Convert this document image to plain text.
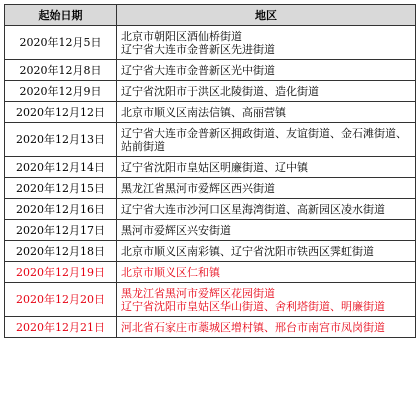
起始日期	地区
2020年12月5日	北京市朝阳区酒仙桥街道
辽宁省大连市金普新区先进街道

2020年12月8日	辽宁省大连市金普新区光中街道

2020年12月9日	辽宁省沈阳市于洪区北陵街道、造化街道

2020年12月12日	北京市顺义区南法信镇、高丽营镇

2020年12月13日	辽宁省大连市金普新区拥政街道、友谊街道、金石滩街道、站前街道

2020年12月14日	辽宁省沈阳市皇姑区明廉街道、辽中镇

2020年12月15日	黑龙江省黑河市爱辉区西兴街道

2020年12月16日	辽宁省大连市沙河口区星海湾街道、高新园区凌水街道

2020年12月17日	黑河市爱辉区兴安街道

2020年12月18日	北京市顺义区南彩镇、辽宁省沈阳市铁西区霁虹街道

2020年12月19日	北京市顺义区仁和镇

2020年12月20日	黑龙江省黑河市爱辉区花园街道
辽宁省沈阳市皇姑区华山街道、舍利塔街道、明廉街道

2020年12月21日	河北省石家庄市藁城区增村镇、邢台市南宫市凤岗街道
